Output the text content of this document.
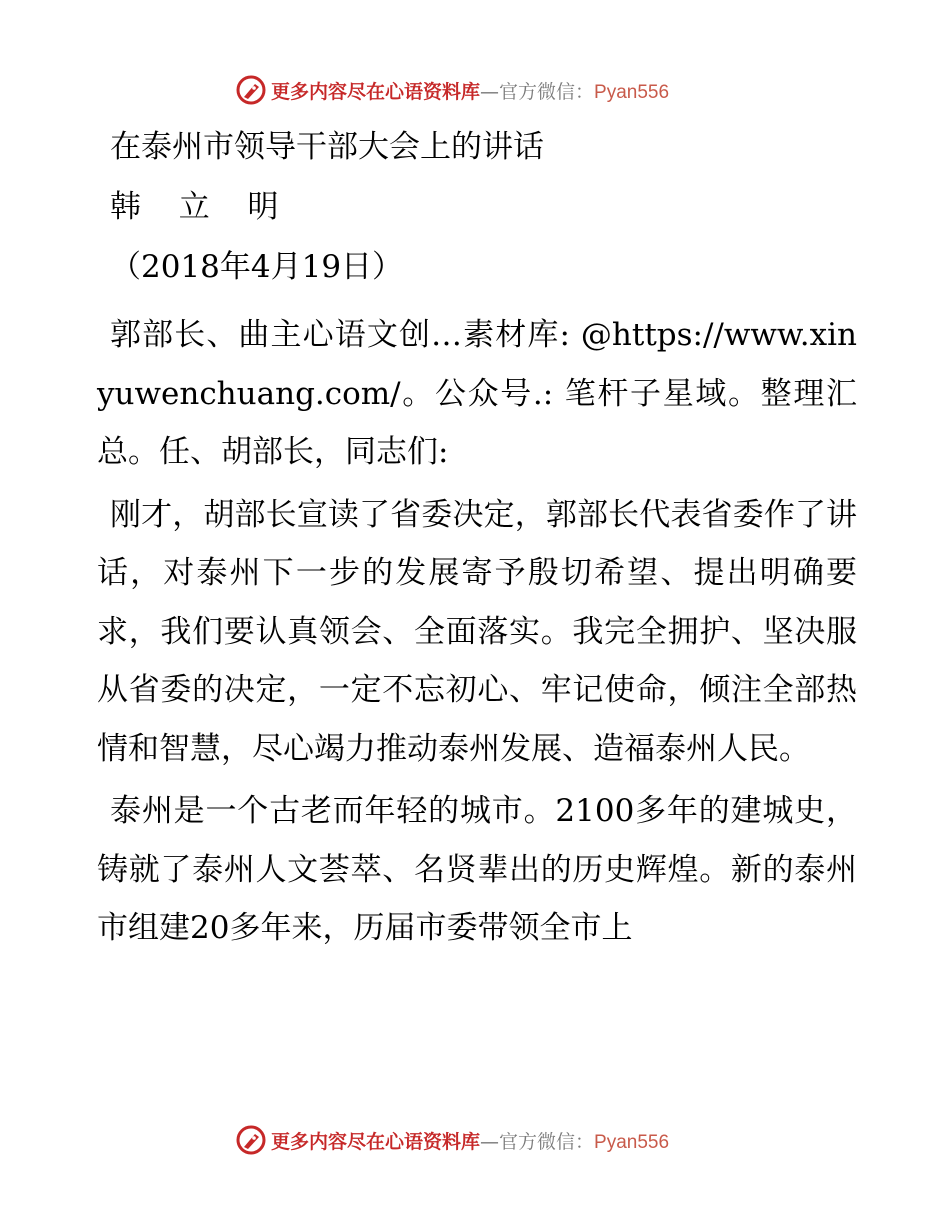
更多内容尽在心语资料库—官方微信：Pyan556
在泰州市领导干部大会上的讲话
韩 立 明
（2018年4月19日）

郭部长、曲主心语文创…素材库: @https://www.xinyuwenchuang.com/。公众号.: 笔杆子星域。整理汇总。任、胡部长，同志们:

刚才，胡部长宣读了省委决定，郭部长代表省委作了讲话，对泰州下一步的发展寄予殷切希望、提出明确要求，我们要认真领会、全面落实。我完全拥护、坚决服从省委的决定，一定不忘初心、牢记使命，倾注全部热情和智慧，尽心竭力推动泰州发展、造福泰州人民。

泰州是一个古老而年轻的城市。2100多年的建城史，铸就了泰州人文荟萃、名贤辈出的历史辉煌。新的泰州市组建20多年来，历届市委带领全市上

更多内容尽在心语资料库—官方微信：Pyan556
